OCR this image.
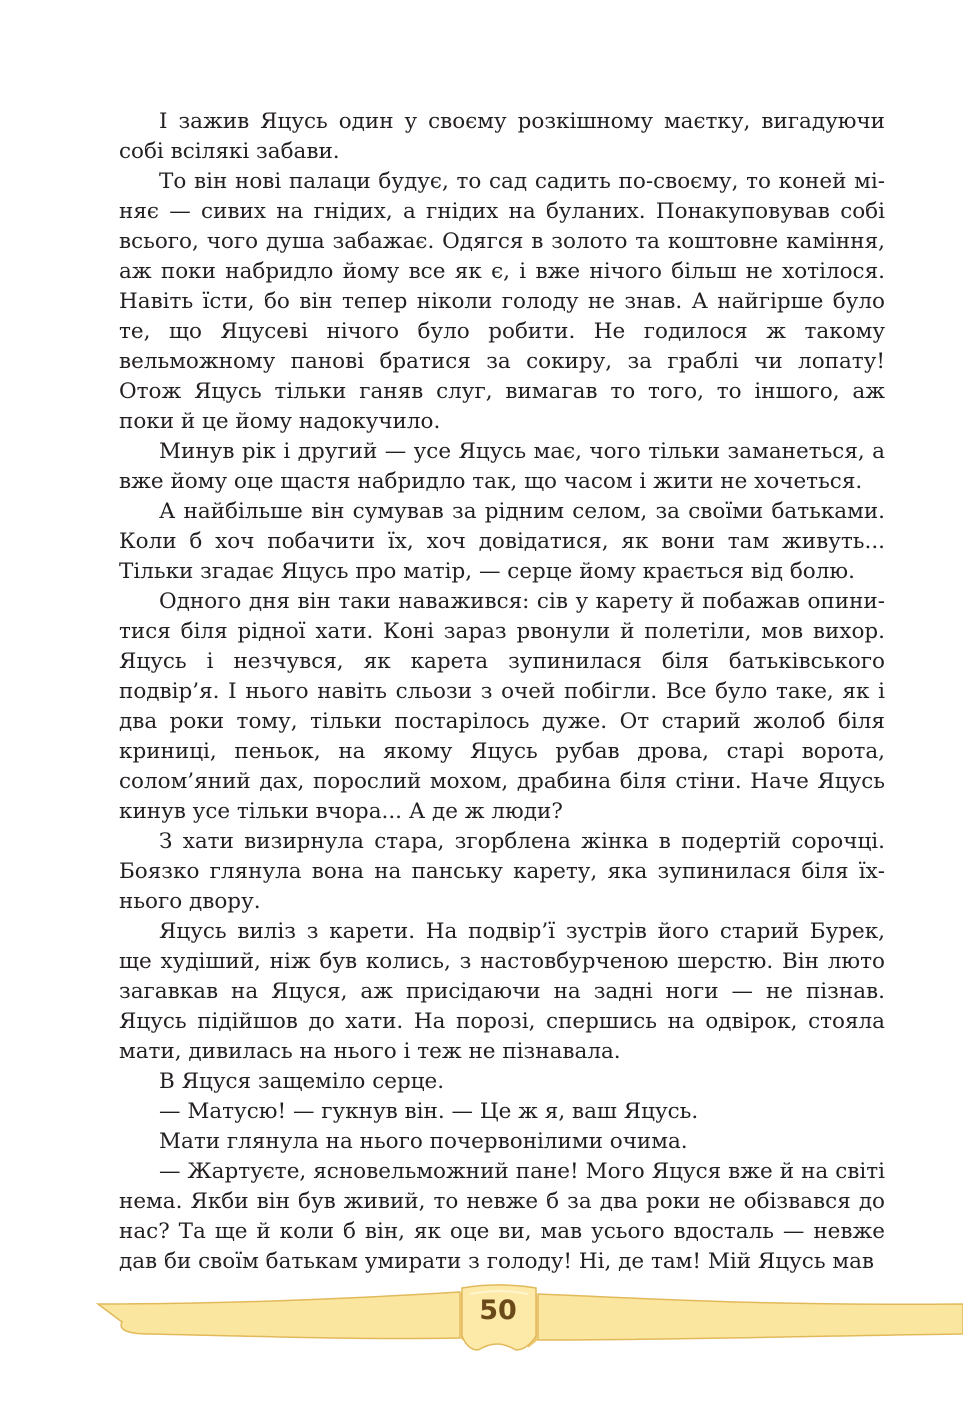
І зажив Яцусь один у своєму розкішному маєтку, вигадуючи собі всілякі забави.

То він нові палаци будує, то сад садить по-своєму, то коней міняє — сивих на гнідих, а гнідих на буланих. Понакуповував собі всього, чого душа забажає. Одягся в золото та коштовне каміння, аж поки набридло йому все як є, і вже нічого більш не хотілося. Навіть їсти, бо він тепер ніколи голоду не знав. А найгірше було те, що Яцусеві нічого було робити. Не годилося ж такому вельможному панові братися за сокиру, за граблі чи лопату! Отож Яцусь тільки ганяв слуг, вимагав то того, то іншого, аж поки й це йому надокучило.

Минув рік і другий — усе Яцусь має, чого тільки заманеться, а вже йому оце щастя набридло так, що часом і жити не хочеться.

А найбільше він сумував за рідним селом, за своїми батьками. Коли б хоч побачити їх, хоч довідатися, як вони там живуть... Тільки згадає Яцусь про матір, — серце йому крається від болю.

Одного дня він таки наважився: сів у карету й побажав опинитися біля рідної хати. Коні зараз рвонули й полетіли, мов вихор. Яцусь і незчувся, як карета зупинилася біля батьківського подвір’я. І нього навіть сльози з очей побігли. Все було таке, як і два роки тому, тільки постарілось дуже. От старий жолоб біля криниці, пеньок, на якому Яцусь рубав дрова, старі ворота, солом’яний дах, порослий мохом, драбина біля стіни. Наче Яцусь кинув усе тільки вчора... А де ж люди?

З хати визирнула стара, згорблена жінка в подертій сорочці. Боязко глянула вона на панську карету, яка зупинилася біля їхнього двору.

Яцусь виліз з карети. На подвір’ї зустрів його старий Бурек, ще худіший, ніж був колись, з настовбурченою шерстю. Він люто загавкав на Яцуся, аж присідаючи на задні ноги — не пізнав. Яцусь підійшов до хати. На порозі, спершись на одвірок, стояла мати, дивилась на нього і теж не пізнавала.

В Яцуся защеміло серце.

— Матусю! — гукнув він. — Це ж я, ваш Яцусь.

Мати глянула на нього почервонілими очима.

— Жартуєте, ясновельможний пане! Мого Яцуся вже й на світі нема. Якби він був живий, то невже б за два роки не обізвався до нас? Та ще й коли б він, як оце ви, мав усього вдосталь — невже дав би своїм батькам умирати з голоду! Ні, де там! Мій Яцусь мав

50
